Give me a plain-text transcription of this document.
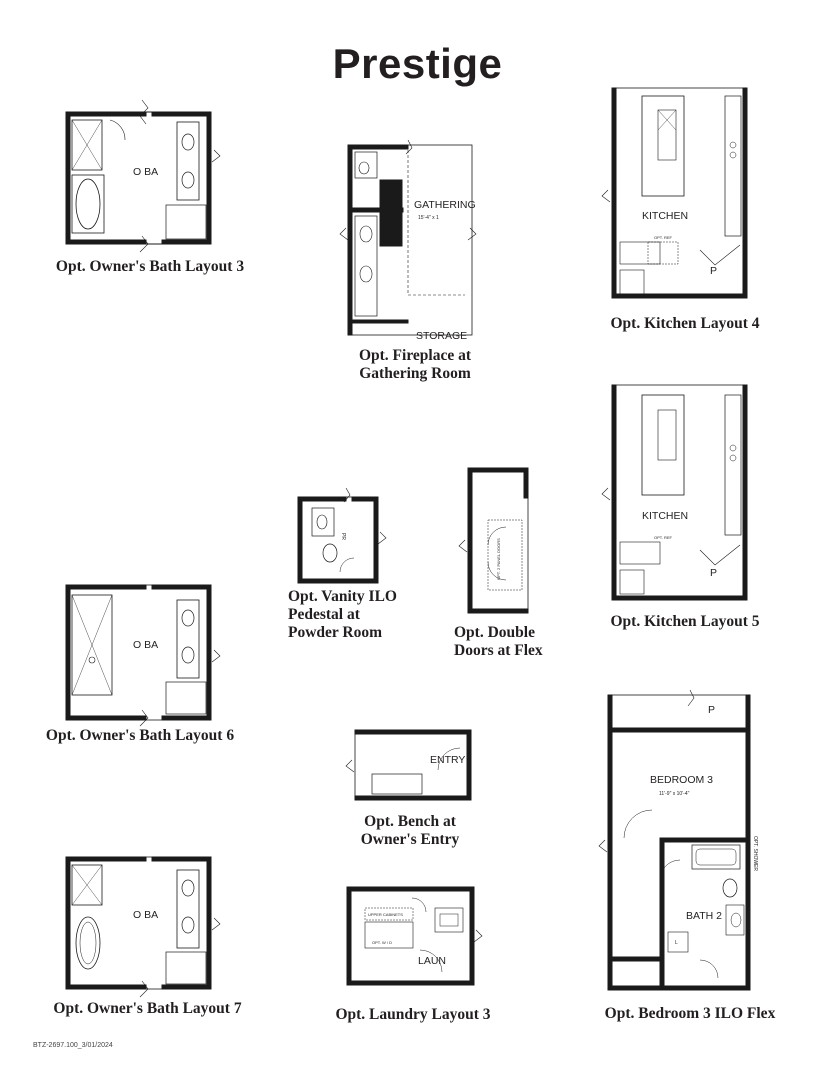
Prestige
O BA
GATHERING
15'-4" x 1
STORAGE
KITCHEN
OPT. REF
P
KITCHEN
OPT. REF
P
PR
OPT. 2 PANEL DOORS
O BA
ENTRY
O BA	UPPER CABINETS
OPT. W / D
LAUN
P
BEDROOM 3
11'-9" x 10'-4"
BATH 2
OPT. SHOWER
L
Opt. Owner's Bath Layout 3
Opt. Fireplace at
Gathering Room
Opt. Kitchen Layout 4
Opt. Kitchen Layout 5
Opt. Vanity ILO
Pedestal at
Powder Room	Opt. Double
Doors at Flex
Opt. Owner's Bath Layout 6
Opt. Bench at
Owner's Entry
Opt. Owner's Bath Layout 7	Opt. Laundry Layout 3	Opt. Bedroom 3 ILO Flex
BTZ-2697.100_3/01/2024
